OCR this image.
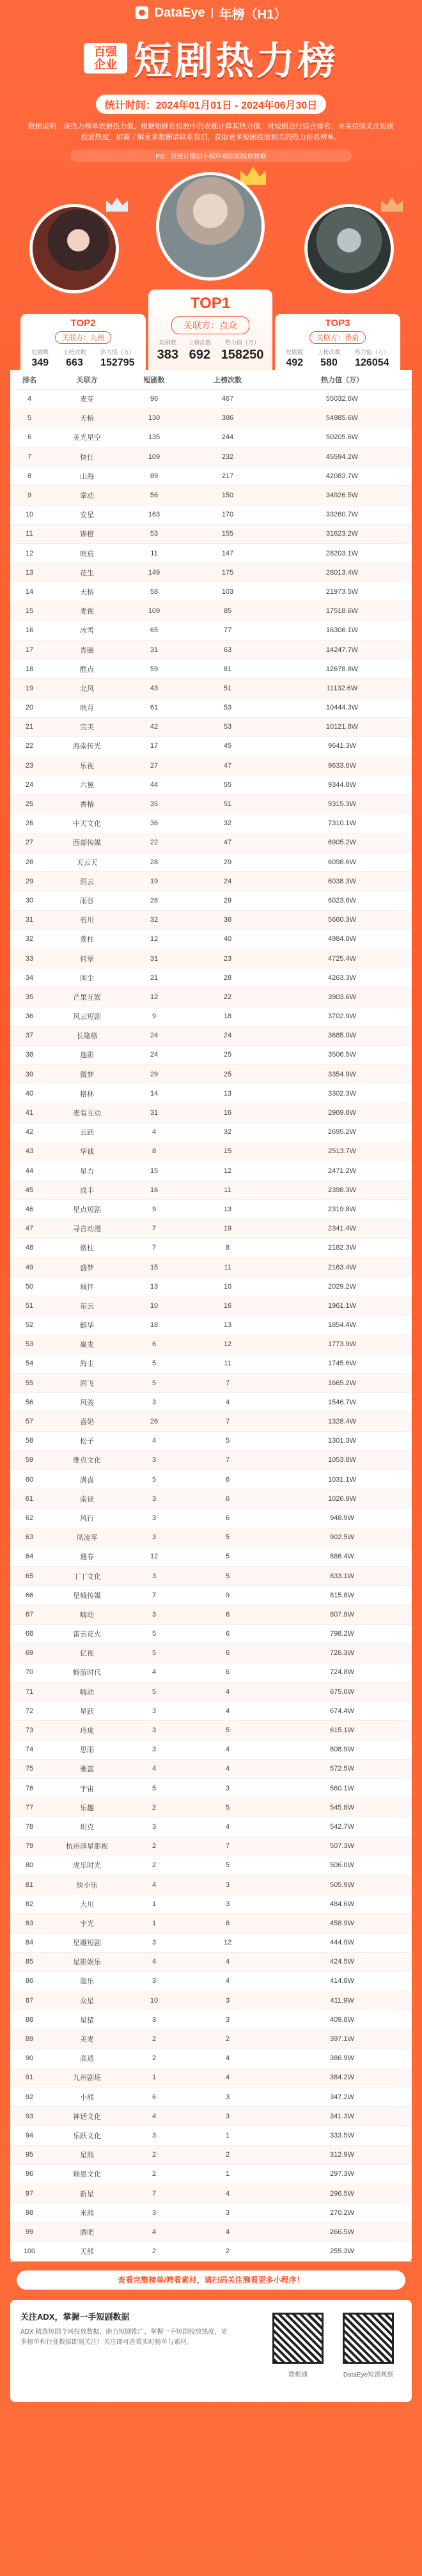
DataEye 年榜（H1）
百强
企业 短剧热力榜
统计时间：2024年01月01日 - 2024年06月30日
数据说明：该热力榜单依据热力值，根据短剧在投放中的表现计算其热力值，对短剧进行综合排名；未来持续关注短剧投放热度，如需了解更多数据请联系我们，获取更多短剧投放相关的热力排名榜单。
PS：仅统计微信小程序端短剧投放数据
TOP2
关联方：九州
短剧数
349
上榜次数
663
热力值（万）
152795
TOP1
关联方：点众
短剧数
383
上榜次数
692
热力值（万）
158250
TOP3
关联方：番茄
短剧数
492
上榜次数
580
热力值（万）
126054
排名	关联方	短剧数	上榜次数	热力值（万）
4	麦芽	96	467	55032.6W
5	天桥	130	386	54985.6W
6	美光星空	135	244	50205.6W
7	快仕	109	232	45594.2W
8	山海	89	217	42083.7W
9	掌动	56	150	34926.5W
10	安星	163	170	33260.7W
11	锦橙	53	155	31623.2W
12	映宸	11	147	28203.1W
13	花生	149	175	28013.4W
14	天桥	58	103	21973.5W
15	麦视	109	85	17518.6W
16	冰雪	65	77	16306.1W
17	青瞳	31	63	14247.7W
18	酷点	59	81	12678.8W
19	北风	43	51	11132.6W
20	映月	61	53	10444.3W
21	完美	42	53	10121.8W
22	海南传光	17	45	9641.3W
23	乐视	27	47	9633.6W
24	六翼	44	55	9344.8W
25	香椿	35	51	9315.3W
26	中天文化	36	32	7310.1W
27	西部传媒	22	47	6905.2W
28	天云天	28	29	6098.6W
29	润云	19	24	6038.3W
30	雨谷	26	29	6023.6W
31	若川	32	36	5660.3W
32	菱柱	12	40	4984.8W
33	何翠	31	23	4725.4W
34	围尘	21	28	4263.3W
35	芒果互娱	12	22	3903.6W
36	风云短剧	9	18	3702.9W
37	长隆格	24	24	3685.0W
38	逸影	24	25	3506.5W
39	微梦	29	25	3354.9W
40	格林	14	13	3302.3W
41	麦看互动	31	16	2969.8W
42	云跃	4	32	2695.2W
43	华诚	8	15	2513.7W
44	星力	15	12	2471.2W
45	成丰	16	11	2398.3W
46	星点短剧	9	13	2319.8W
47	寻音动漫	7	19	2341.4W
48	微柱	7	8	2182.3W
49	盛梦	15	11	2163.4W
50	城伴	13	10	2029.2W
51	东云	10	16	1961.1W
52	麒华	18	13	1854.4W
53	赢麦	6	12	1773.9W
54	海圭	5	11	1745.6W
55	润飞	5	7	1665.2W
56	风骏	3	4	1546.7W
57	喜奶	26	7	1328.4W
58	松子	4	5	1301.3W
59	维克文化	3	7	1053.8W
60	满喜	5	6	1031.1W
61	南谈	3	6	1026.9W
62	风行	3	6	948.9W
63	凤凌零	3	5	902.5W
64	遇春	12	5	886.4W
65	丁丁文化	3	5	833.1W
66	星城传媒	7	9	815.8W
67	嗨动	3	6	807.9W
68	雷云花火	5	6	798.2W
69	亿视	5	6	726.3W
70	畅游时代	4	6	724.8W
71	嗨动	5	4	675.0W
72	星跃	3	4	674.4W
73	玲珑	3	5	615.1W
74	思雨	3	4	608.9W
75	雅蕊	4	4	572.5W
76	宇宙	5	3	560.1W
77	乐趣	2	5	545.8W
78	坦克	3	4	542.7W
79	杭州泽星影视	2	7	507.3W
80	虎乐时光	2	5	506.0W
81	快小乐	4	3	505.9W
82	大川	1	3	484.6W
83	宇光	1	6	458.9W
84	星雕短剧	3	12	444.9W
85	星影娱乐	4	4	424.5W
86	超乐	3	4	414.8W
87	众星	10	3	411.9W
88	星猪	3	3	409.8W
89	美麦	2	2	397.1W
90	高通	2	4	386.9W
91	九州剧场	1	4	384.2W
92	小熊	6	3	347.2W
93	神话文化	4	3	341.3W
94	乐跃文化	3	1	333.5W
95	星熊	2	2	312.9W
96	瑞恩文化	2	1	297.3W
97	新星	7	4	296.5W
98	米熊	3	3	270.2W
99	酒吧	4	4	266.5W
100	天熊	2	2	255.3W
查看完整榜单/筛看素材，请扫码关注测看更多小程序！
关注ADX，掌握一手短剧数据
ADX 精选短剧全网投放数据，助力短剧推广，掌握一手短剧投放热度，更多榜单和行业数据即刻关注！关注即可查看实时榜单与素材。
数据通	DataEye短剧观察
